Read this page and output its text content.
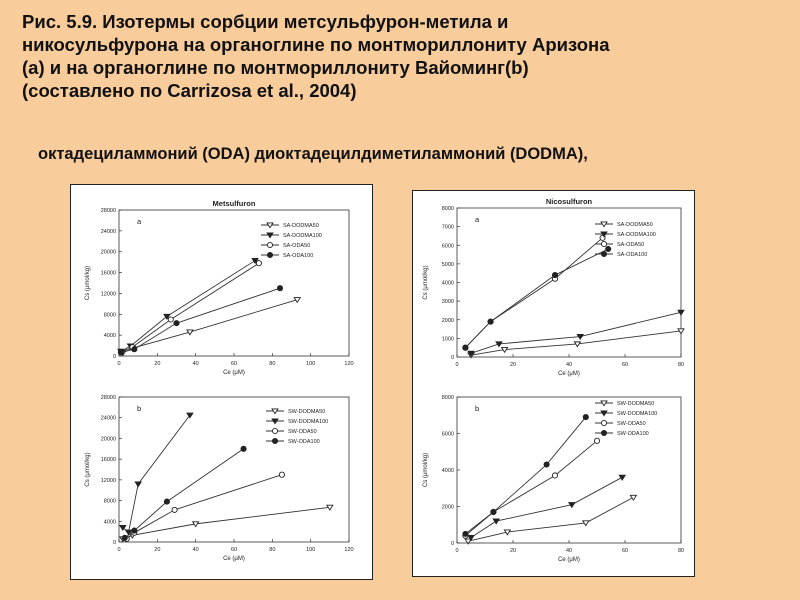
Рис. 5.9. Изотермы сорбции метсульфурон-метила и
никосульфурона на органоглине по монтмориллониту Аризона
(a) и на органоглине по монтмориллониту Вайоминг(b)
(составлено по Carrizosa et al., 2004)
октадециламмоний (ODA) диоктадецилдиметиламмоний (DODMA),
Metsulfuron
a
0	20	40	60	80	100	120
0
4000
8000
12000
16000
20000
24000
28000
Ce (μM)
Cs (μmol/kg)
SA-DODMA50
SA-DODMA100
SA-ODA50
SA-ODA100
b
0	20	40	60	80	100	120
0
4000
8000
12000
16000
20000
24000
28000
Ce (μM)
Cs (μmol/kg)
SW-DODMA50
SW-DODMA100
SW-ODA50
SW-ODA100
Nicosulfuron
a
0	20	40	60	80
0
1000
2000
3000
4000
5000
6000
7000
8000
Ce (μM)
Cs (μmol/kg)
SA-DODMA50
SA-DODMA100
SA-ODA50
SA-ODA100
b
0	20	40	60	80
0
2000
4000
6000
8000
Ce (μM)
Cs (μmol/kg)
SW-DODMA50
SW-DODMA100
SW-ODA50
SW-ODA100
